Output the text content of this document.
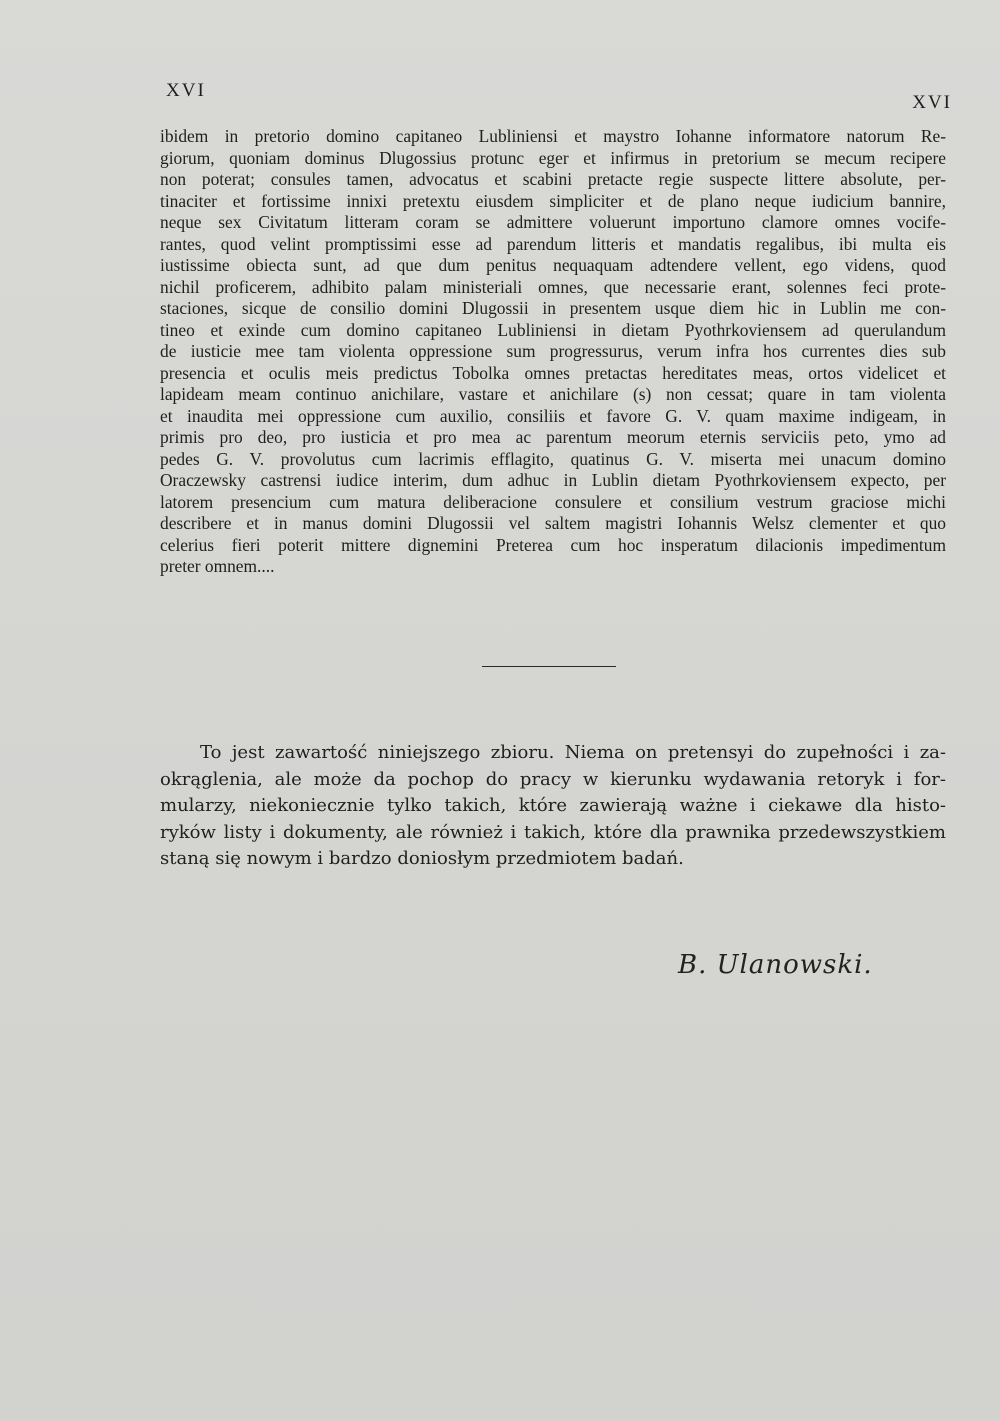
XVI
XVI
ibidem in pretorio domino capitaneo Lubliniensi et maystro Iohanne informatore natorum Re-
giorum, quoniam dominus Dlugossius protunc eger et infirmus in pretorium se mecum recipere
non poterat; consules tamen, advocatus et scabini pretacte regie suspecte littere absolute, per-
tinaciter et fortissime innixi pretextu eiusdem simpliciter et de plano neque iudicium bannire,
neque sex Civitatum litteram coram se admittere voluerunt importuno clamore omnes vocife-
rantes, quod velint promptissimi esse ad parendum litteris et mandatis regalibus, ibi multa eis
iustissime obiecta sunt, ad que dum penitus nequaquam adtendere vellent, ego videns, quod
nichil proficerem, adhibito palam ministeriali omnes, que necessarie erant, solennes feci prote-
staciones, sicque de consilio domini Dlugossii in presentem usque diem hic in Lublin me con-
tineo et exinde cum domino capitaneo Lubliniensi in dietam Pyothrkoviensem ad querulandum
de iusticie mee tam violenta oppressione sum progressurus, verum infra hos currentes dies sub
presencia et oculis meis predictus Tobolka omnes pretactas hereditates meas, ortos videlicet et
lapideam meam continuo anichilare, vastare et anichilare (s) non cessat; quare in tam violenta
et inaudita mei oppressione cum auxilio, consiliis et favore G. V. quam maxime indigeam, in
primis pro deo, pro iusticia et pro mea ac parentum meorum eternis serviciis peto, ymo ad
pedes G. V. provolutus cum lacrimis efflagito, quatinus G. V. miserta mei unacum domino
Oraczewsky castrensi iudice interim, dum adhuc in Lublin dietam Pyothrkoviensem expecto, per
latorem presencium cum matura deliberacione consulere et consilium vestrum graciose michi
describere et in manus domini Dlugossii vel saltem magistri Iohannis Welsz clementer et quo
celerius fieri poterit mittere dignemini Preterea cum hoc insperatum dilacionis impedimentum
preter omnem....
To jest zawartość niniejszego zbioru. Niema on pretensyi do zupełności i za-
okrąglenia, ale może da pochop do pracy w kierunku wydawania retoryk i for-
mularzy, niekoniecznie tylko takich, które zawierają ważne i ciekawe dla histo-
ryków listy i dokumenty, ale również i takich, które dla prawnika przedewszystkiem
staną się nowym i bardzo doniosłym przedmiotem badań.
B. Ulanowski.
